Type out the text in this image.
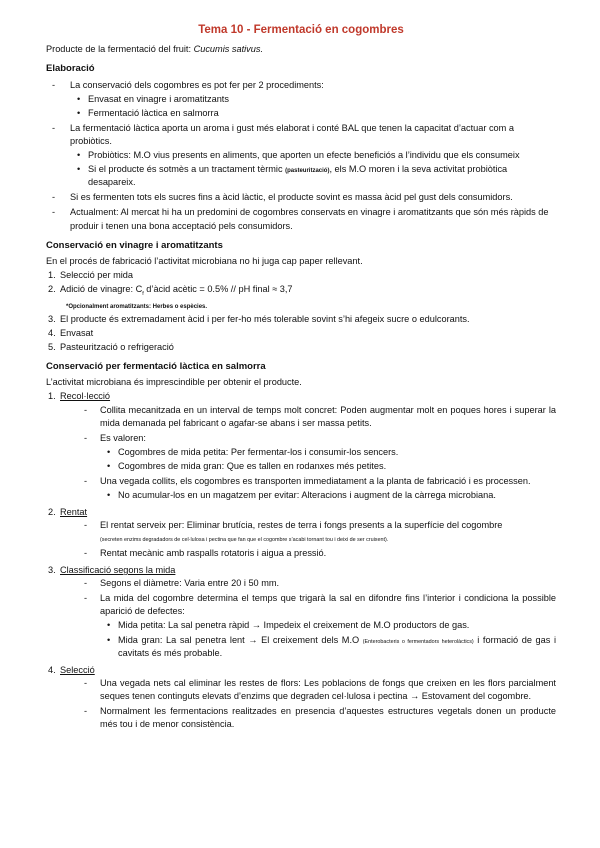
Tema 10 - Fermentació en cogombres

Producte de la fermentació del fruit: Cucumis sativus.

Elaboració
- La conservació dels cogombres es pot fer per 2 procediments:
• Envasat en vinagre i aromatitzants
• Fermentació làctica en salmorra
- La fermentació làctica aporta un aroma i gust més elaborat i conté BAL que tenen la capacitat d’actuar com a probiòtics.
• Probiòtics: M.O vius presents en aliments, que aporten un efecte beneficiós a l’individu que els consumeix
• Si el producte és sotmès a un tractament tèrmic (pasteurització), els M.O moren i la seva activitat probiòtica desapareix.
- Si es fermenten tots els sucres fins a àcid làctic, el producte sovint es massa àcid pel gust dels consumidors.
- Actualment: Al mercat hi ha un predomini de cogombres conservats en vinagre i aromatitzants que són més ràpids de produir i tenen una bona acceptació pels consumidors.
Conservació en vinagre i aromatitzants

En el procés de fabricació l’activitat microbiana no hi juga cap paper rellevant.

1. Selecció per mida
2. Adició de vinagre: $C_f$ d’àcid acètic = 0.5% // pH final ≈ 3,7
*Opcionalment aromatitzants: Herbes o espècies.
3. El producte és extremadament àcid i per fer-ho més tolerable sovint s’hi afegeix sucre o edulcorants.
4. Envasat
5. Pasteurització o refrigeració
Conservació per fermentació làctica en salmorra

L’activitat microbiana és imprescindible per obtenir el producte.

1. Recol·lecció
- Collita mecanitzada en un interval de temps molt concret: Poden augmentar molt en poques hores i superar la mida demanada pel fabricant o agafar-se abans i ser massa petits.
- Es valoren:
• Cogombres de mida petita: Per fermentar-los i consumir-los sencers.
• Cogombres de mida gran: Que es tallen en rodanxes més petites.
- Una vegada collits, els cogombres es transporten immediatament a la planta de fabricació i es processen.
• No acumular-los en un magatzem per evitar: Alteracions i augment de la càrrega microbiana.
2. Rentat
- El rentat serveix per: Eliminar brutícia, restes de terra i fongs presents a la superfície del cogombre
(secreten enzims degradadors de cel·lulosa i pectina que fan que el cogombre s’acabi tornant tou i deixi de ser cruixent).
- Rentat mecànic amb raspalls rotatoris i aigua a pressió.
3. Classificació segons la mida
- Segons el diàmetre: Varia entre 20 i 50 mm.
- La mida del cogombre determina el temps que trigarà la sal en difondre fins l’interior i condiciona la possible aparició de defectes:
• Mida petita: La sal penetra ràpid → Impedeix el creixement de M.O productors de gas.
• Mida gran: La sal penetra lent → El creixement dels M.O (Enterobacteris o fermentadors heterolàctics) i formació de gas i cavitats és més probable.
4. Selecció
- Una vegada nets cal eliminar les restes de flors: Les poblacions de fongs que creixen en les flors parcialment seques tenen continguts elevats d’enzims que degraden cel·lulosa i pectina → Estovament del cogombre.
- Normalment les fermentacions realitzades en presencia d’aquestes estructures vegetals donen un producte més tou i de menor consistència.
